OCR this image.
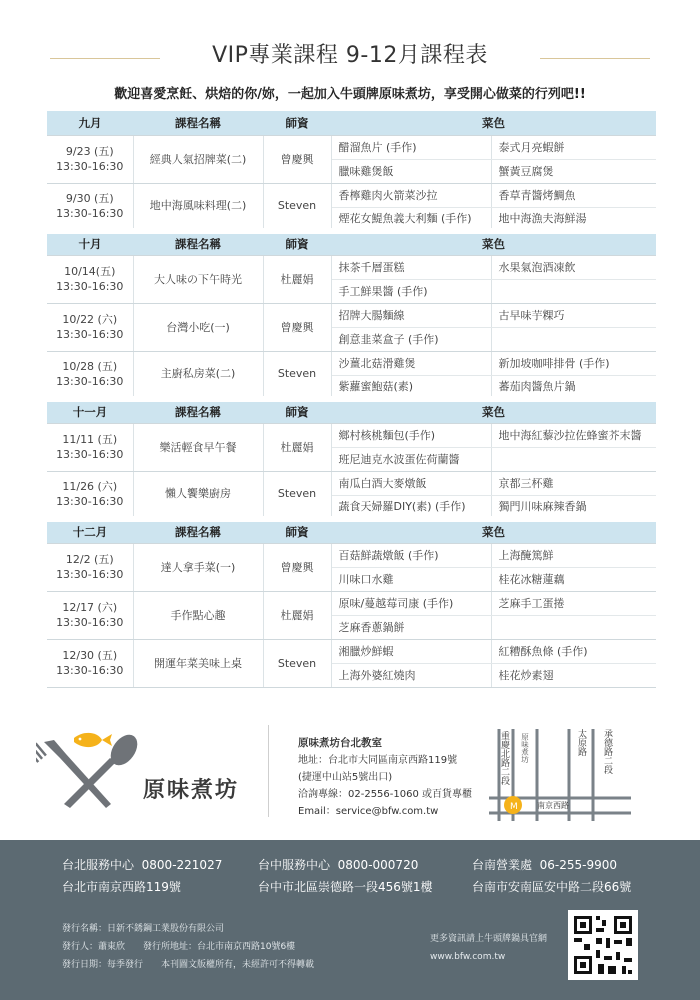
VIP專業課程 9-12月課程表
歡迎喜愛烹飪、烘焙的你/妳，一起加入牛頭牌原味煮坊，享受開心做菜的行列吧!!
九月	課程名稱	師資	菜色	

9/23 (五)
13:30-16:30	經典人氣招牌菜(二)	曾慶興	醋溜魚片 (手作)	泰式月亮蝦餅
			臘味雞煲飯	蟹黃豆腐煲

9/30 (五)
13:30-16:30	地中海風味料理(二)	Steven	香檸雞肉火箭菜沙拉	香草青醬烤鯛魚
			煙花女鯷魚義大利麵 (手作)	地中海漁夫海鮮湯
十月	課程名稱	師資	菜色	

10/14(五)
13:30-16:30	大人味の下午時光	杜麗娟	抹茶千層蛋糕	水果氣泡酒凍飲
			手工鮮果醬 (手作)	

10/22 (六)
13:30-16:30	台灣小吃(一)	曾慶興	招牌大腸麵線	古早味芋粿巧
			創意韭菜盒子 (手作)	

10/28 (五)
13:30-16:30	主廚私房菜(二)	Steven	沙薑北菇滑雞煲	新加坡咖啡排骨 (手作)
			紫蘿蜜鮑菇(素)	蕃茄肉醬魚片鍋
十一月	課程名稱	師資	菜色	

11/11 (五)
13:30-16:30	樂活輕食早午餐	杜麗娟	鄉村核桃麵包(手作)	地中海紅藜沙拉佐蜂蜜芥末醬
			班尼迪克水波蛋佐荷蘭醬	

11/26 (六)
13:30-16:30	懶人饗樂廚房	Steven	南瓜白酒大麥燉飯	京都三杯雞
			蔬食天婦羅DIY(素) (手作)	獨門川味麻辣香鍋
十二月	課程名稱	師資	菜色	

12/2 (五)
13:30-16:30	達人拿手菜(一)	曾慶興	百菇鮮蔬燉飯 (手作)	上海醃篤鮮
			川味口水雞	桂花冰糖蓮藕

12/17 (六)
13:30-16:30	手作點心趣	杜麗娟	原味/蔓越莓司康 (手作)	芝麻手工蛋捲
			芝麻香蔥鍋餅	

12/30 (五)
13:30-16:30	開運年菜美味上桌	Steven	湘臘炒鮮蝦	紅糟酥魚條 (手作)
			上海外婆紅燒肉	桂花炒素翅
原味煮坊
原味煮坊台北教室
地址：台北市大同區南京西路119號
(捷運中山站5號出口)
洽詢專線：02-2556-1060 或百貨專櫃
Email：service@bfw.com.tw	M
重慶北路二段 原味煮坊	太原路 承德路二段
南京西路
台北服務中心 0800-221027
台北市南京西路119號
台中服務中心 0800-000720
台中市北區崇德路一段456號1樓
台南營業處 06-255-9900
台南市安南區安中路二段66號
發行名稱：日新不銹鋼工業股份有限公司
發行人：蕭東欣　　發行所地址：台北市南京西路10號6樓
發行日期：每季發行　　本刊圖文版權所有，未經許可不得轉載
更多資訊請上牛頭牌鍋具官網
www.bfw.com.tw
